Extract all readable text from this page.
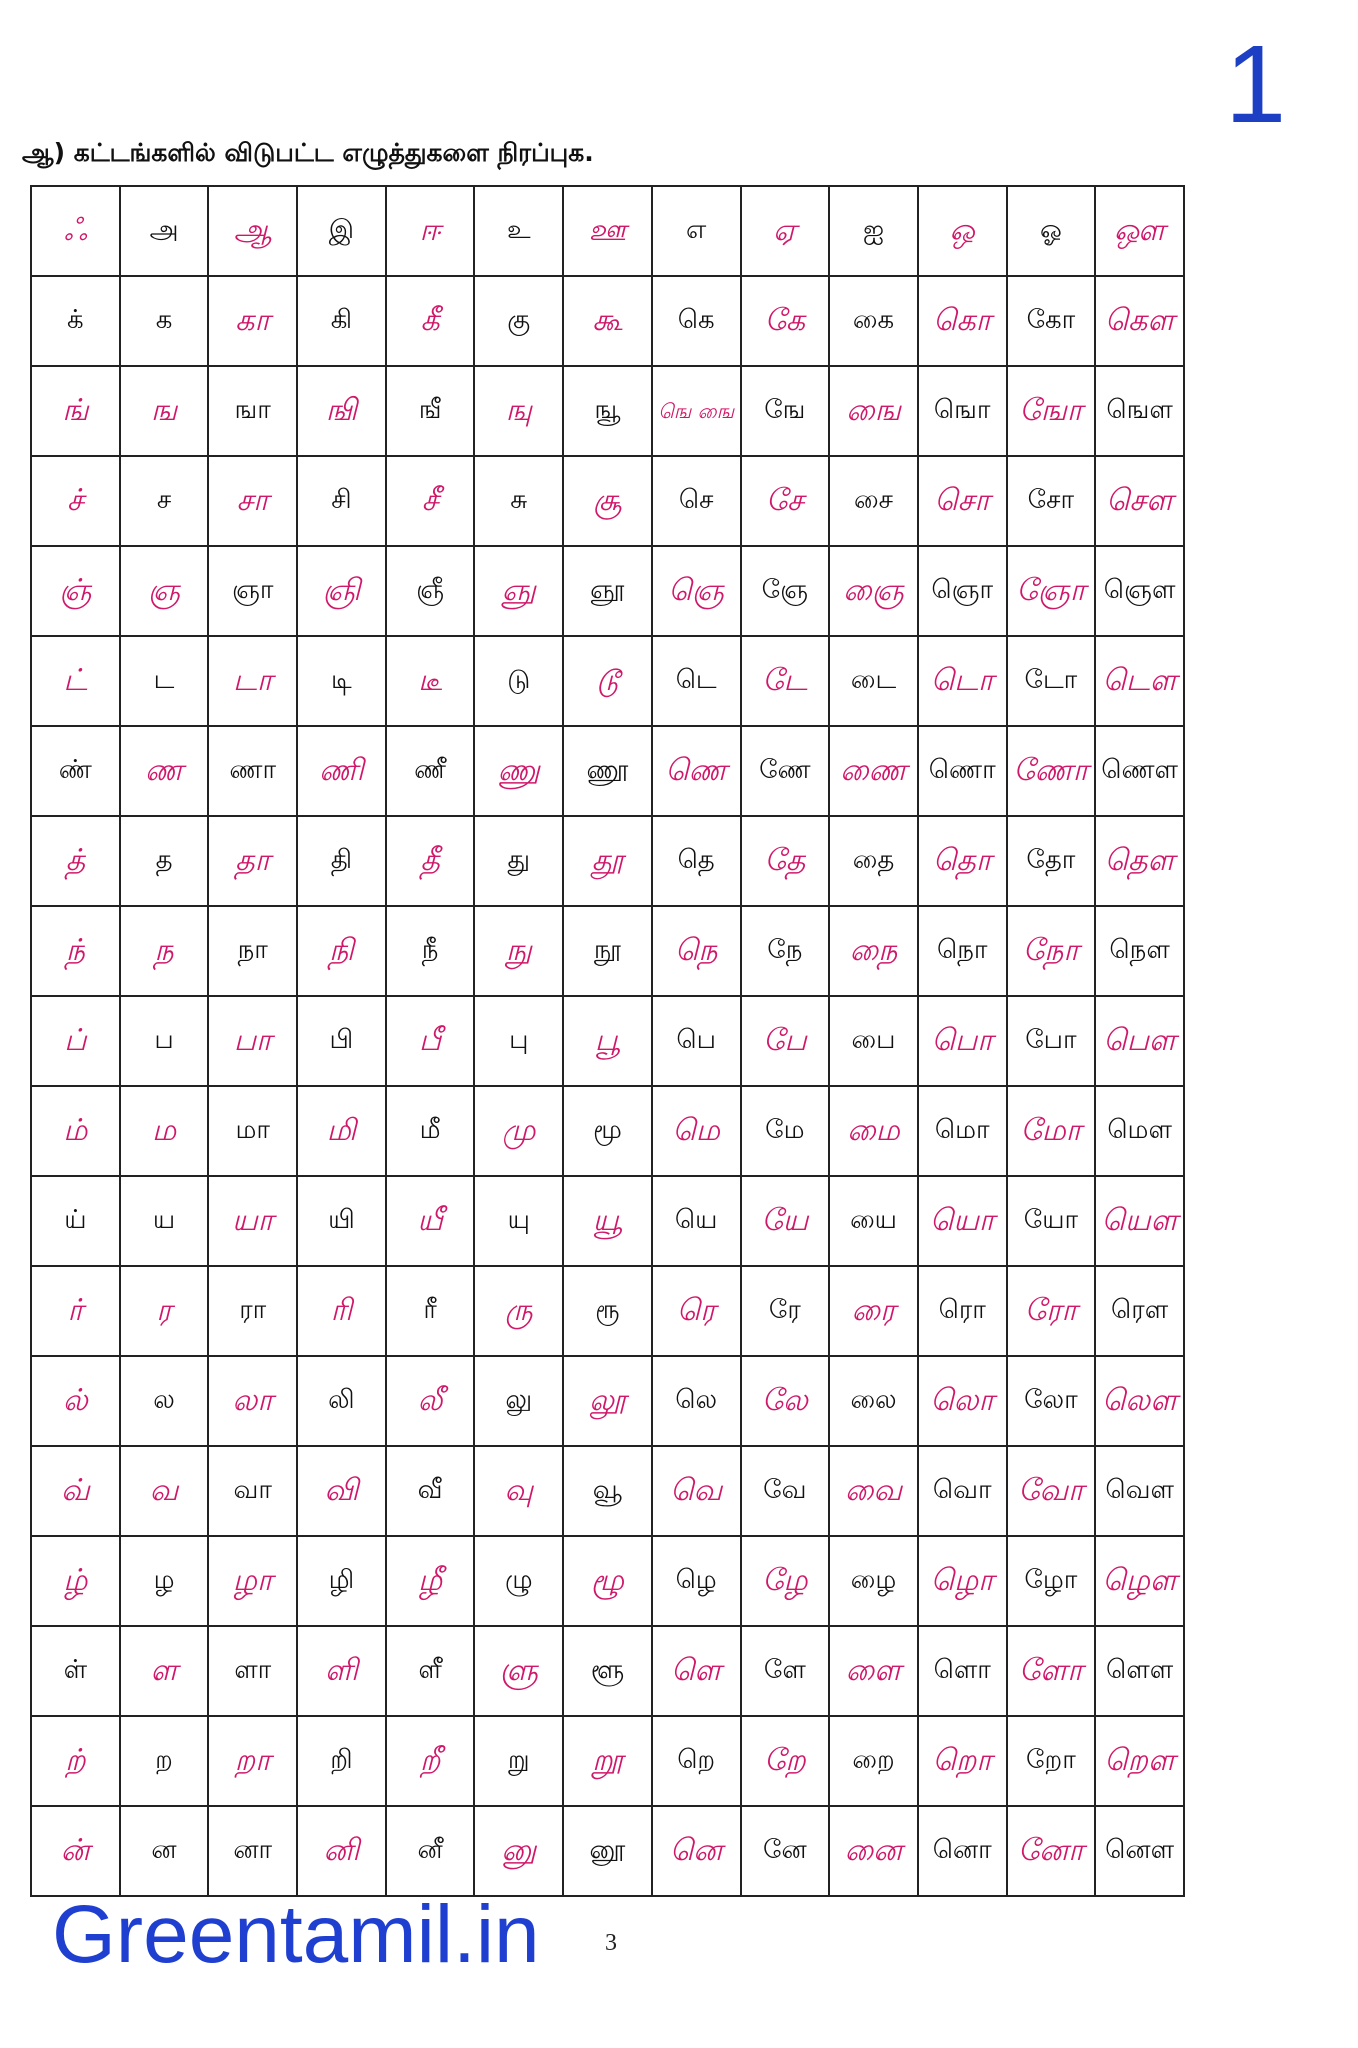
1
ஆ) கட்டங்களில் விடுபட்ட எழுத்துகளை நிரப்புக.
ஃ	அ	ஆ	இ	ஈ	உ	ஊ	எ	ஏ	ஐ	ஒ	ஓ	ஔ
க்	க	கா	கி	கீ	கு	கூ	கெ	கே	கை	கொ	கோ	கௌ
ங்	ங	ஙா	ஙி	ஙீ	ஙு	ஙூ	ஙெ ஙை	ஙே	ஙை	ஙொ	ஙோ	ஙௌ
ச்	ச	சா	சி	சீ	சு	சூ	செ	சே	சை	சொ	சோ	சௌ
ஞ்	ஞ	ஞா	ஞி	ஞீ	ஞு	ஞூ	ஞெ	ஞே	ஞை	ஞொ	ஞோ	ஞௌ
ட்	ட	டா	டி	டீ	டு	டூ	டெ	டே	டை	டொ	டோ	டௌ
ண்	ண	ணா	ணி	ணீ	ணு	ணூ	ணெ	ணே	ணை	ணொ	ணோ	ணௌ
த்	த	தா	தி	தீ	து	தூ	தெ	தே	தை	தொ	தோ	தௌ
ந்	ந	நா	நி	நீ	நு	நூ	நெ	நே	நை	நொ	நோ	நௌ
ப்	ப	பா	பி	பீ	பு	பூ	பெ	பே	பை	பொ	போ	பௌ
ம்	ம	மா	மி	மீ	மு	மூ	மெ	மே	மை	மொ	மோ	மௌ
ய்	ய	யா	யி	யீ	யு	யூ	யெ	யே	யை	யொ	யோ	யௌ
ர்	ர	ரா	ரி	ரீ	ரு	ரூ	ரெ	ரே	ரை	ரொ	ரோ	ரௌ
ல்	ல	லா	லி	லீ	லு	லூ	லெ	லே	லை	லொ	லோ	லௌ
வ்	வ	வா	வி	வீ	வு	வூ	வெ	வே	வை	வொ	வோ	வௌ
ழ்	ழ	ழா	ழி	ழீ	ழு	ழூ	ழெ	ழே	ழை	ழொ	ழோ	ழௌ
ள்	ள	ளா	ளி	ளீ	ளு	ளூ	ளெ	ளே	ளை	ளொ	ளோ	ளௌ
ற்	ற	றா	றி	றீ	று	றூ	றெ	றே	றை	றொ	றோ	றௌ
ன்	ன	னா	னி	னீ	னு	னூ	னெ	னே	னை	னொ	னோ	னௌ
Greentamil.in	3
